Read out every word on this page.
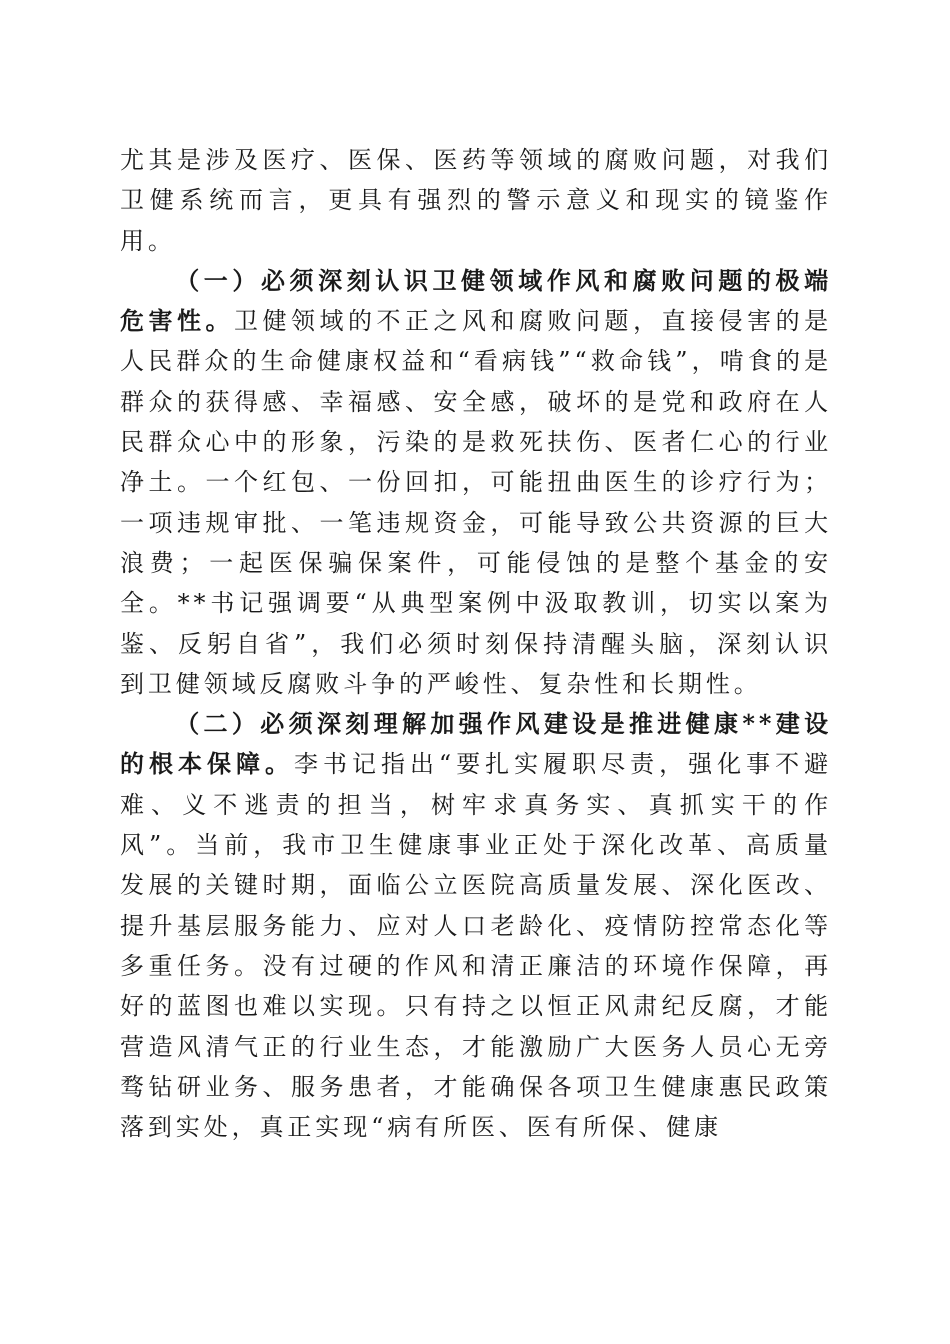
尤其是涉及医疗、医保、医药等领域的腐败问题，对我们卫健系统而言，更具有强烈的警示意义和现实的镜鉴作用。

（一）必须深刻认识卫健领域作风和腐败问题的极端危害性。卫健领域的不正之风和腐败问题，直接侵害的是人民群众的生命健康权益和“看病钱”“救命钱”，啃食的是群众的获得感、幸福感、安全感，破坏的是党和政府在人民群众心中的形象，污染的是救死扶伤、医者仁心的行业净土。一个红包、一份回扣，可能扭曲医生的诊疗行为；一项违规审批、一笔违规资金，可能导致公共资源的巨大浪费；一起医保骗保案件，可能侵蚀的是整个基金的安全。**书记强调要“从典型案例中汲取教训，切实以案为鉴、反躬自省”，我们必须时刻保持清醒头脑，深刻认识到卫健领域反腐败斗争的严峻性、复杂性和长期性。

（二）必须深刻理解加强作风建设是推进健康**建设的根本保障。李书记指出“要扎实履职尽责，强化事不避难、义不逃责的担当，树牢求真务实、真抓实干的作风”。当前，我市卫生健康事业正处于深化改革、高质量发展的关键时期，面临公立医院高质量发展、深化医改、提升基层服务能力、应对人口老龄化、疫情防控常态化等多重任务。没有过硬的作风和清正廉洁的环境作保障，再好的蓝图也难以实现。只有持之以恒正风肃纪反腐，才能营造风清气正的行业生态，才能激励广大医务人员心无旁骛钻研业务、服务患者，才能确保各项卫生健康惠民政策落到实处，真正实现“病有所医、医有所保、健康
